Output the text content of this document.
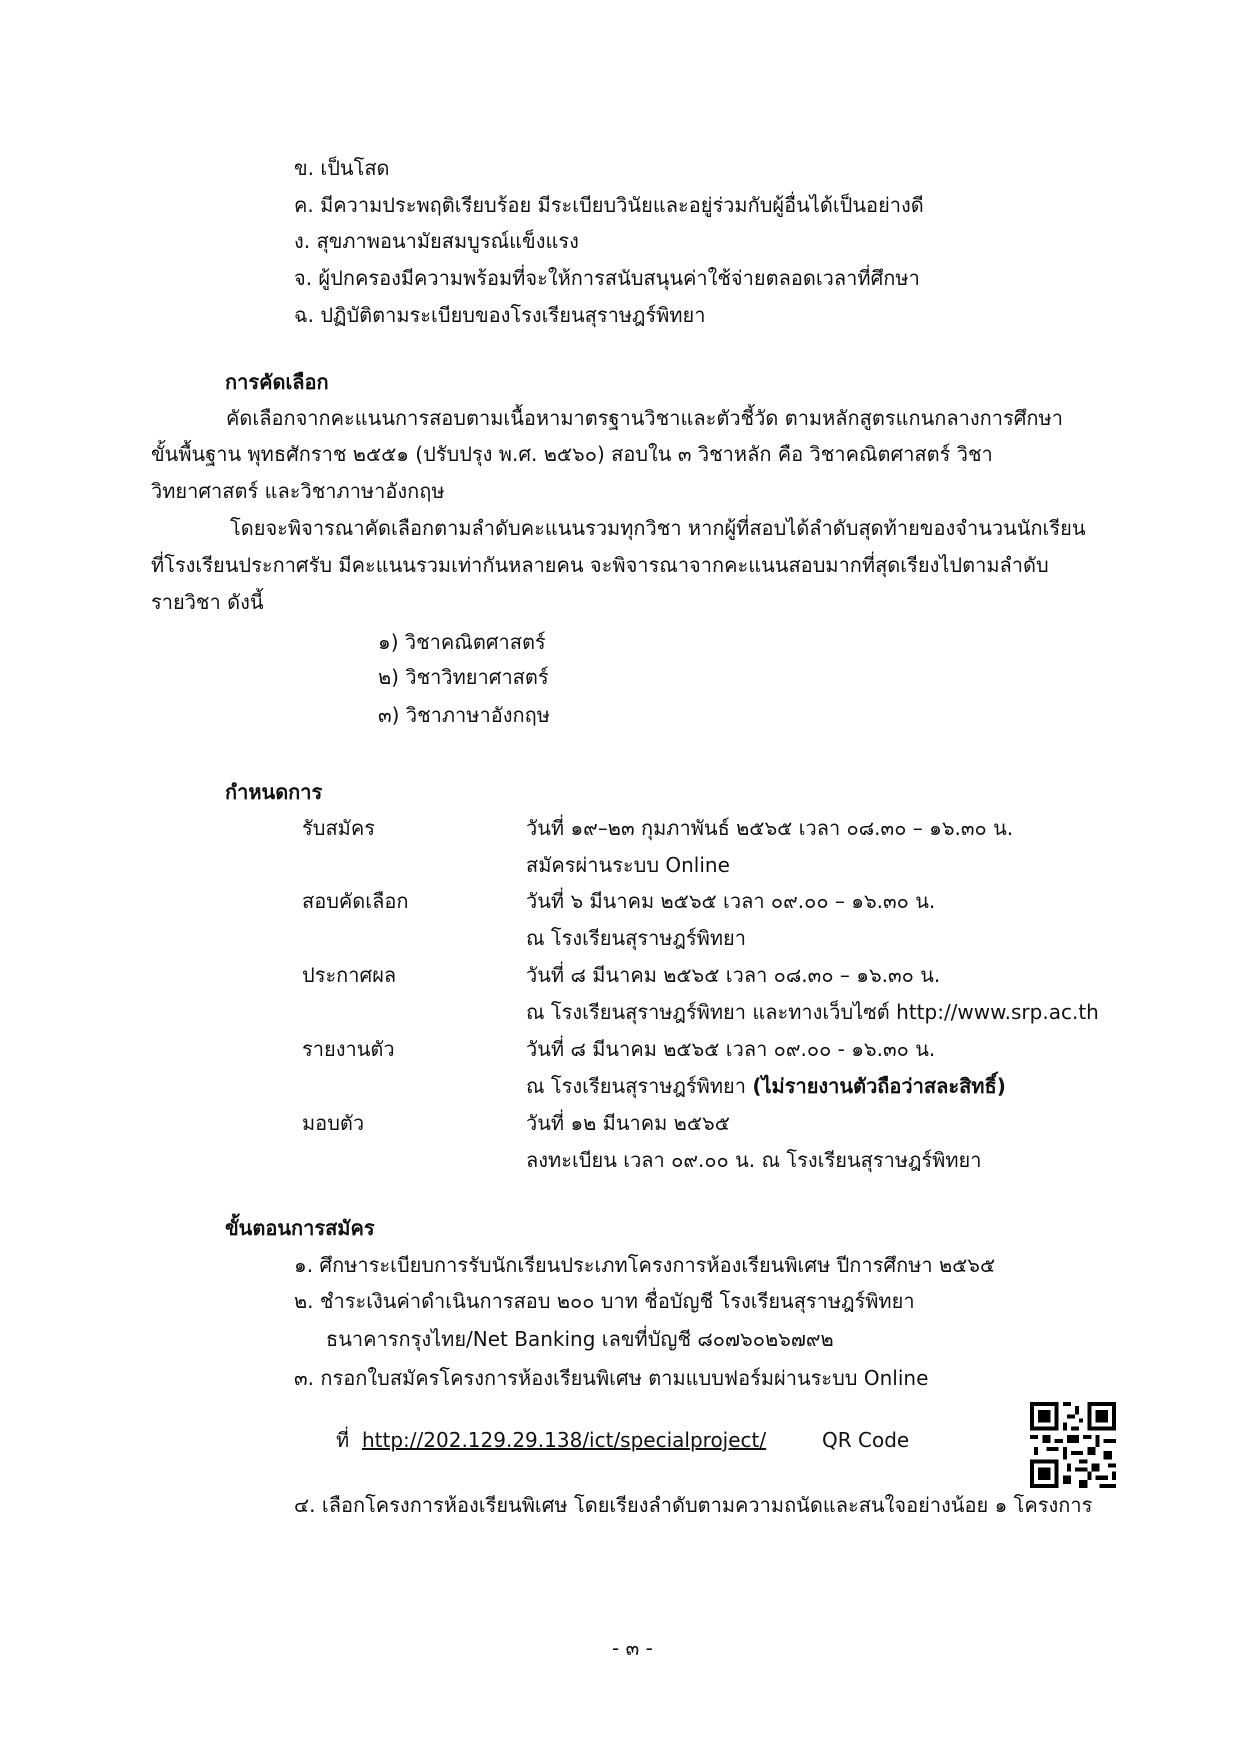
ข. เป็นโสด
ค. มีความประพฤติเรียบร้อย มีระเบียบวินัยและอยู่ร่วมกับผู้อื่นได้เป็นอย่างดี
ง. สุขภาพอนามัยสมบูรณ์แข็งแรง
จ. ผู้ปกครองมีความพร้อมที่จะให้การสนับสนุนค่าใช้จ่ายตลอดเวลาที่ศึกษา
ฉ. ปฏิบัติตามระเบียบของโรงเรียนสุราษฎร์พิทยา
การคัดเลือก
คัดเลือกจากคะแนนการสอบตามเนื้อหามาตรฐานวิชาและตัวชี้วัด ตามหลักสูตรแกนกลางการศึกษา
ขั้นพื้นฐาน พุทธศักราช ๒๕๕๑ (ปรับปรุง พ.ศ. ๒๕๖๐) สอบใน ๓ วิชาหลัก คือ วิชาคณิตศาสตร์ วิชา
วิทยาศาสตร์ และวิชาภาษาอังกฤษ
โดยจะพิจารณาคัดเลือกตามลำดับคะแนนรวมทุกวิชา หากผู้ที่สอบได้ลำดับสุดท้ายของจำนวนนักเรียน
ที่โรงเรียนประกาศรับ มีคะแนนรวมเท่ากันหลายคน จะพิจารณาจากคะแนนสอบมากที่สุดเรียงไปตามลำดับ
รายวิชา ดังนี้
๑) วิชาคณิตศาสตร์
๒) วิชาวิทยาศาสตร์
๓) วิชาภาษาอังกฤษ
กำหนดการ
รับสมัคร	วันที่ ๑๙–๒๓ กุมภาพันธ์ ๒๕๖๕ เวลา ๐๘.๓๐ – ๑๖.๓๐ น.
สมัครผ่านระบบ Online
สอบคัดเลือก	วันที่ ๖ มีนาคม ๒๕๖๕ เวลา ๐๙.๐๐ – ๑๖.๓๐ น.
ณ โรงเรียนสุราษฎร์พิทยา
ประกาศผล	วันที่ ๘ มีนาคม ๒๕๖๕ เวลา ๐๘.๓๐ – ๑๖.๓๐ น.
ณ โรงเรียนสุราษฎร์พิทยา และทางเว็บไซต์ http://www.srp.ac.th
รายงานตัว	วันที่ ๘ มีนาคม ๒๕๖๕ เวลา ๐๙.๐๐ - ๑๖.๓๐ น.
ณ โรงเรียนสุราษฎร์พิทยา (ไม่รายงานตัวถือว่าสละสิทธิ์)
มอบตัว	วันที่ ๑๒ มีนาคม ๒๕๖๕
ลงทะเบียน เวลา ๐๙.๐๐ น. ณ โรงเรียนสุราษฎร์พิทยา
ขั้นตอนการสมัคร
๑. ศึกษาระเบียบการรับนักเรียนประเภทโครงการห้องเรียนพิเศษ ปีการศึกษา ๒๕๖๕
๒. ชำระเงินค่าดำเนินการสอบ ๒๐๐ บาท ชื่อบัญชี โรงเรียนสุราษฎร์พิทยา
ธนาคารกรุงไทย/Net Banking เลขที่บัญชี ๘๐๗๖๐๒๖๗๙๒
๓. กรอกใบสมัครโครงการห้องเรียนพิเศษ ตามแบบฟอร์มผ่านระบบ Online
ที่ http://202.129.29.138/ict/specialproject/	QR Code
๔. เลือกโครงการห้องเรียนพิเศษ โดยเรียงลำดับตามความถนัดและสนใจอย่างน้อย ๑ โครงการ
- ๓ -
